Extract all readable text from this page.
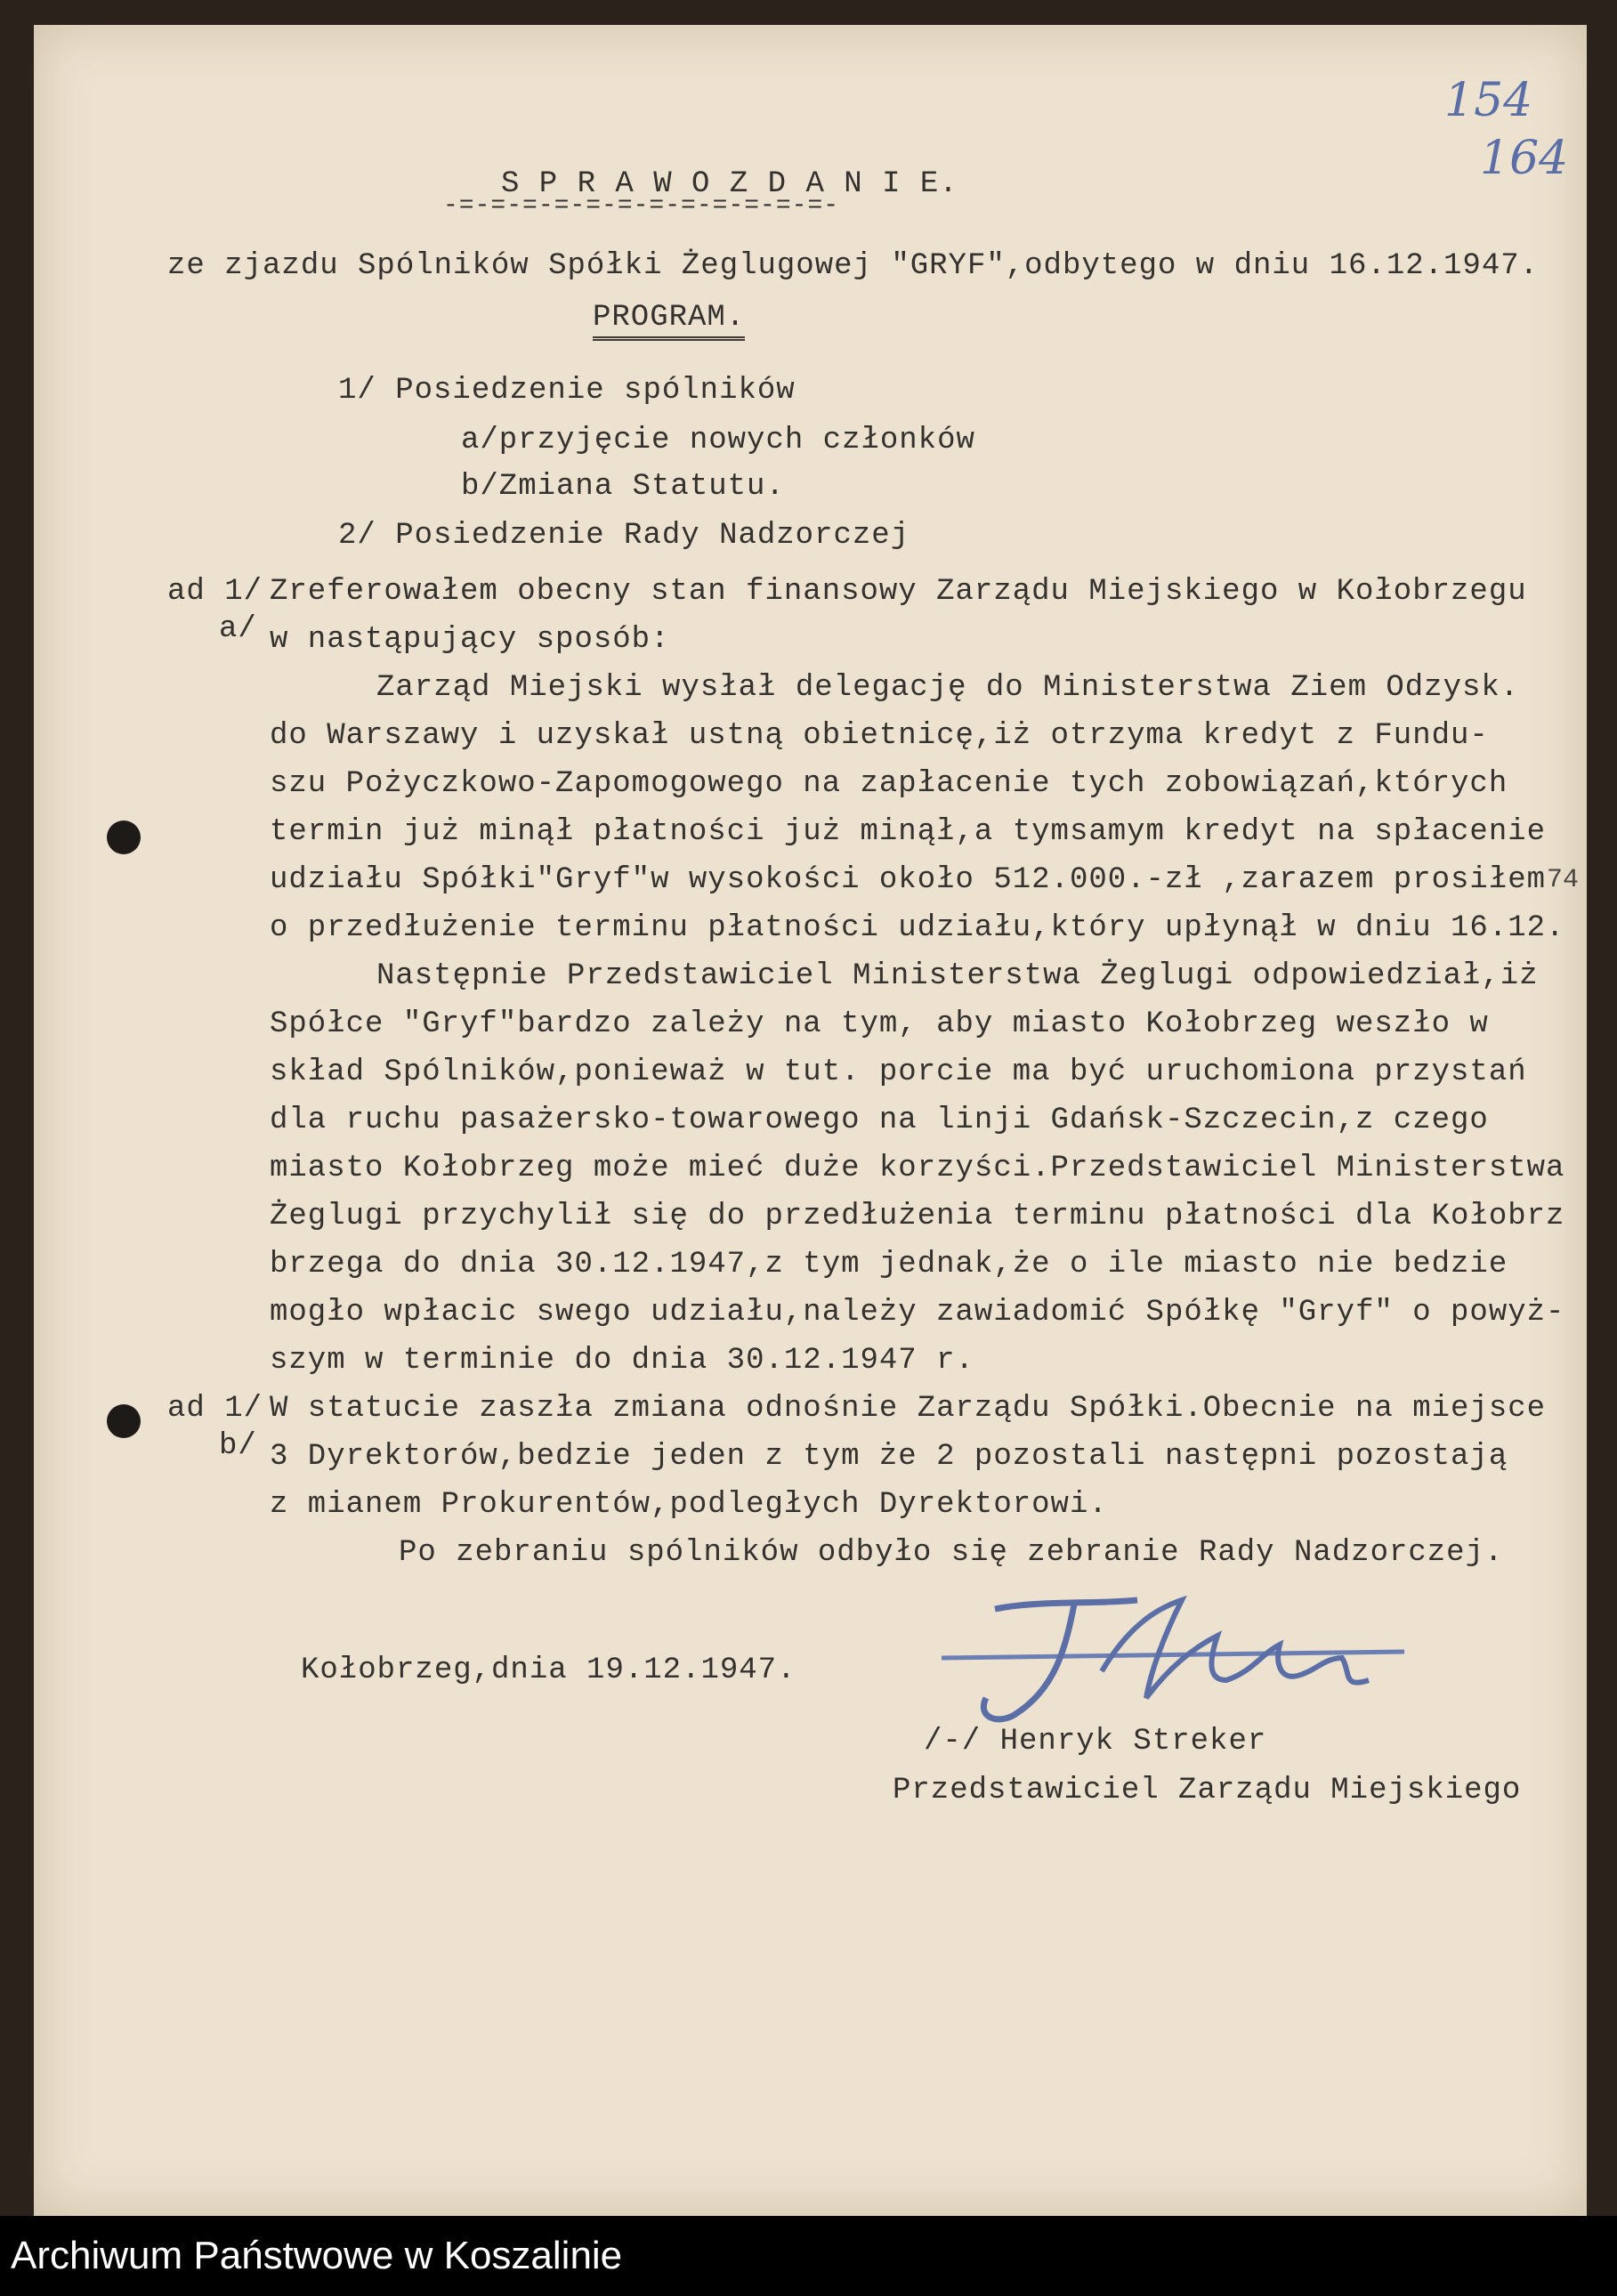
154
164
S P R A W O Z D A N I E.
-=-=-=-=-=-=-=-=-=-=-=-=-
ze zjazdu Spólników Spółki Żeglugowej "GRYF",odbytego w dniu 16.12.1947.
PROGRAM.
1/ Posiedzenie spólników
a/przyjęcie nowych członków
b/Zmiana Statutu.
2/ Posiedzenie Rady Nadzorczej
ad 1/
a/
Zreferowałem obecny stan finansowy Zarządu Miejskiego w Kołobrzegu
w nastąpujący sposób:
Zarząd Miejski wysłał delegację do Ministerstwa Ziem Odzysk.
do Warszawy i uzyskał ustną obietnicę,iż otrzyma kredyt z Fundu-
szu Pożyczkowo-Zapomogowego na zapłacenie tych zobowiązań,których
termin już minął płatności już minął,a tymsamym kredyt na spłacenie
udziału Spółki"Gryf"w wysokości około 512.000.-zł ,zarazem prosiłem 74
o przedłużenie terminu płatności udziału,który upłynął w dniu 16.12.
Następnie Przedstawiciel Ministerstwa Żeglugi odpowiedział,iż
Spółce "Gryf"bardzo zależy na tym, aby miasto Kołobrzeg weszło w
skład Spólników,ponieważ w tut. porcie ma być uruchomiona przystań
dla ruchu pasażersko-towarowego na linji Gdańsk-Szczecin,z czego
miasto Kołobrzeg może mieć duże korzyści.Przedstawiciel Ministerstwa
Żeglugi przychylił się do przedłużenia terminu płatności dla Kołobrz
brzega do dnia 30.12.1947,z tym jednak,że o ile miasto nie bedzie
mogło wpłacic swego udziału,należy zawiadomić Spółkę "Gryf" o powyż-
szym w terminie do dnia 30.12.1947 r.
ad 1/
b/
W statucie zaszła zmiana odnośnie Zarządu Spółki.Obecnie na miejsce
3 Dyrektorów,bedzie jeden z tym że 2 pozostali następni pozostają
z mianem Prokurentów,podległych Dyrektorowi.
Po zebraniu spólników odbyło się zebranie Rady Nadzorczej.
Kołobrzeg,dnia 19.12.1947.
/-/ Henryk Streker
Przedstawiciel Zarządu Miejskiego
Archiwum Państwowe w Koszalinie
